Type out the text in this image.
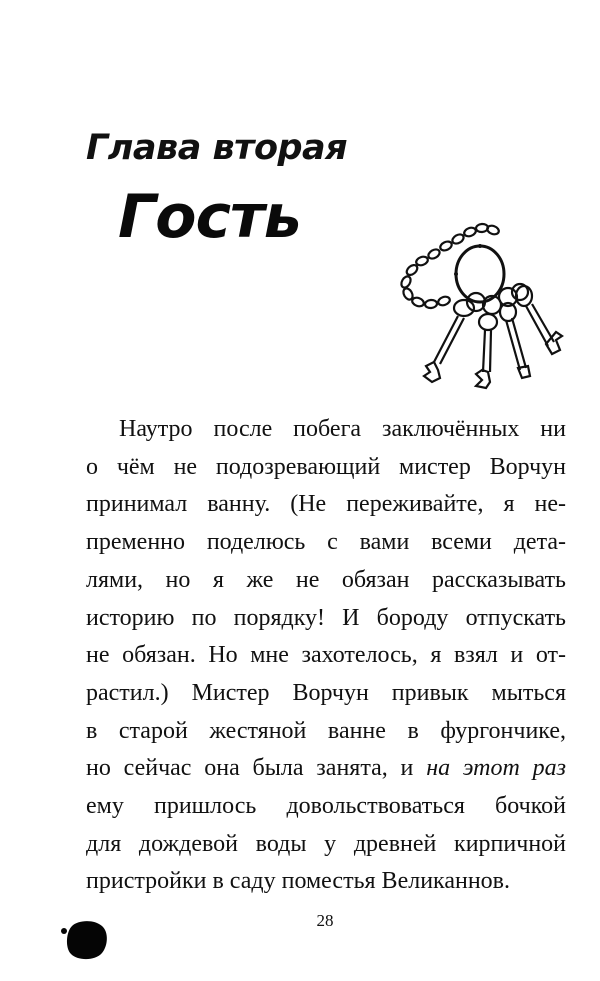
Глава вторая
Гость
Наутро после побега заключённых ни
о чём не подозревающий мистер Ворчун
принимал ванну. (Не переживайте, я не-
пременно поделюсь с вами всеми дета-
лями, но я же не обязан рассказывать
историю по порядку! И бороду отпускать
не обязан. Но мне захотелось, я взял и от-
растил.) Мистер Ворчун привык мыться
в старой жестяной ванне в фургончике,
но сейчас она была занята, и на этот раз
ему пришлось довольствоваться бочкой
для дождевой воды у древней кирпичной
пристройки в саду поместья Великаннов.
28
